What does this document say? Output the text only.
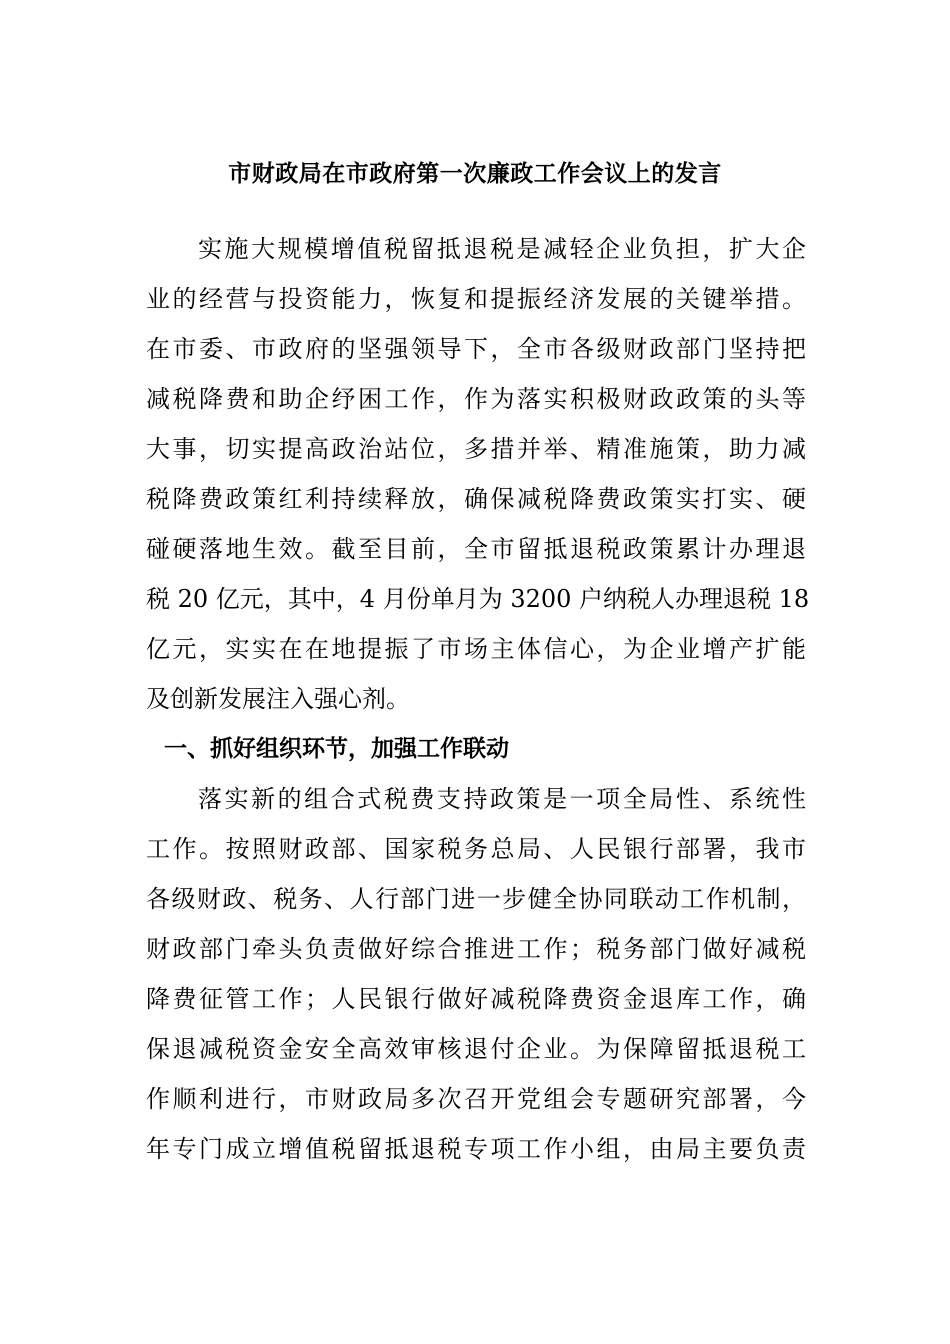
市财政局在市政府第一次廉政工作会议上的发言
实施大规模增值税留抵退税是减轻企业负担，扩大企
业的经营与投资能力，恢复和提振经济发展的关键举措。
在市委、市政府的坚强领导下，全市各级财政部门坚持把
减税降费和助企纾困工作，作为落实积极财政政策的头等
大事，切实提高政治站位，多措并举、精准施策，助力减
税降费政策红利持续释放，确保减税降费政策实打实、硬
碰硬落地生效。截至目前，全市留抵退税政策累计办理退
税 20 亿元，其中，4 月份单月为 3200 户纳税人办理退税 18
亿元，实实在在地提振了市场主体信心，为企业增产扩能
及创新发展注入强心剂。
一、抓好组织环节，加强工作联动
落实新的组合式税费支持政策是一项全局性、系统性
工作。按照财政部、国家税务总局、人民银行部署，我市
各级财政、税务、人行部门进一步健全协同联动工作机制，
财政部门牵头负责做好综合推进工作；税务部门做好减税
降费征管工作；人民银行做好减税降费资金退库工作，确
保退减税资金安全高效审核退付企业。为保障留抵退税工
作顺利进行，市财政局多次召开党组会专题研究部署，今
年专门成立增值税留抵退税专项工作小组，由局主要负责
